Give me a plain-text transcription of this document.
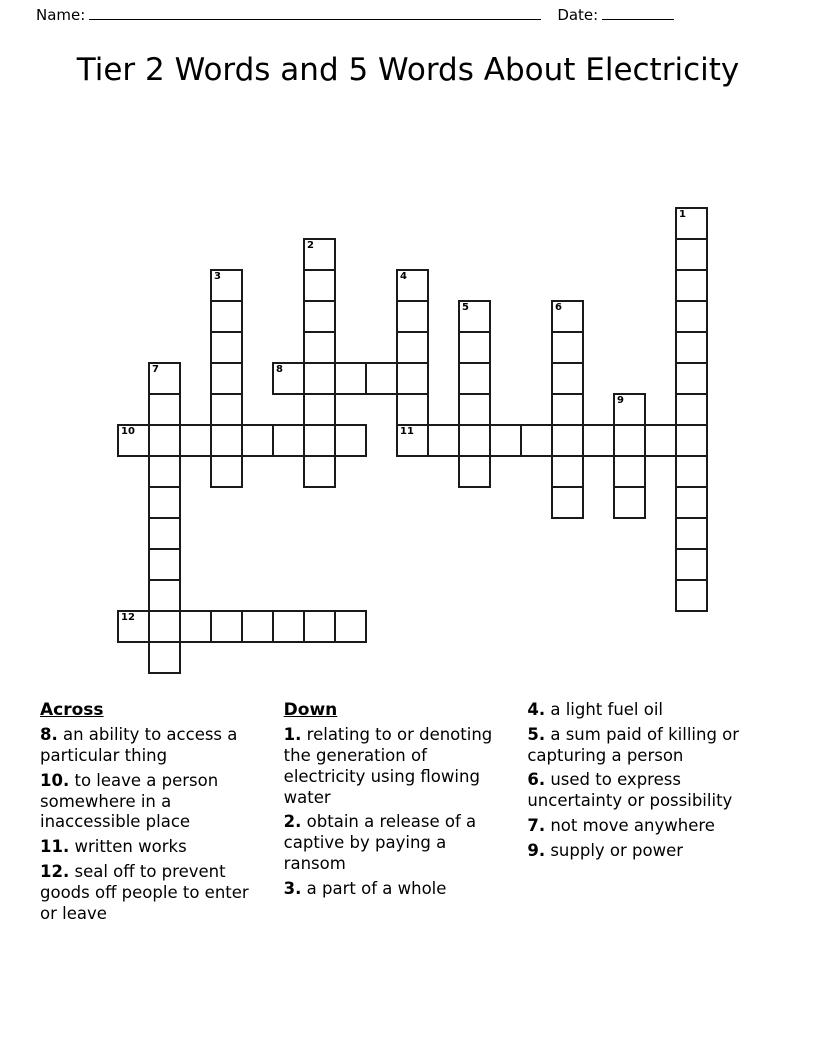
Name:	Date:
Tier 2 Words and 5 Words About Electricity
1
2
3	4
11
5	6
7	8
9
10
12
Across
8. an ability to access a particular thing
10. to leave a person somewhere in a inaccessible place
11. written works
12. seal off to prevent goods off people to enter or leave
Down
1. relating to or denoting the generation of electricity using flowing water
2. obtain a release of a captive by paying a ransom
3. a part of a whole
4. a light fuel oil
5. a sum paid of killing or capturing a person
6. used to express uncertainty or possibility
7. not move anywhere
9. supply or power
